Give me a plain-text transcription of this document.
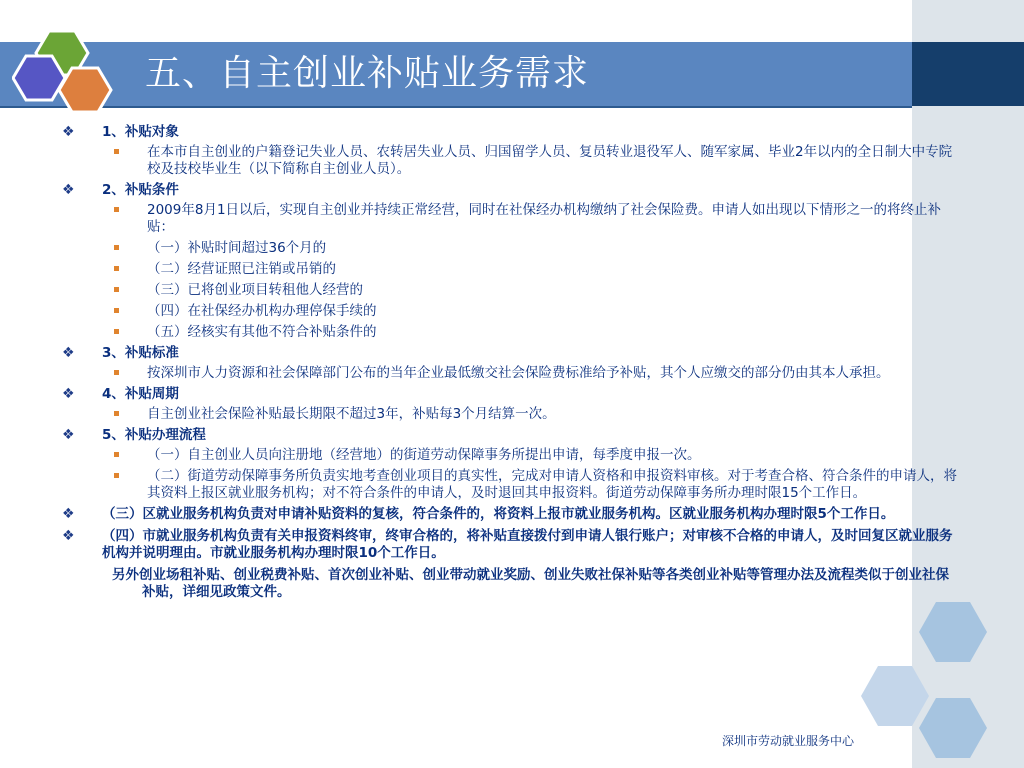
五、自主创业补贴业务需求
❖ 1、补贴对象
在本市自主创业的户籍登记失业人员、农转居失业人员、归国留学人员、复员转业退役军人、随军家属、毕业2年以内的全日制大中专院校及技校毕业生（以下简称自主创业人员）。
❖ 2、补贴条件
2009年8月1日以后，实现自主创业并持续正常经营，同时在社保经办机构缴纳了社会保险费。申请人如出现以下情形之一的将终止补贴：
（一）补贴时间超过36个月的
（二）经营证照已注销或吊销的
（三）已将创业项目转租他人经营的
（四）在社保经办机构办理停保手续的
（五）经核实有其他不符合补贴条件的
❖ 3、补贴标准
按深圳市人力资源和社会保障部门公布的当年企业最低缴交社会保险费标准给予补贴，其个人应缴交的部分仍由其本人承担。
❖ 4、补贴周期
自主创业社会保险补贴最长期限不超过3年，补贴每3个月结算一次。
❖ 5、补贴办理流程
（一）自主创业人员向注册地（经营地）的街道劳动保障事务所提出申请，每季度申报一次。
（二）街道劳动保障事务所负责实地考查创业项目的真实性，完成对申请人资格和申报资料审核。对于考查合格、符合条件的申请人，将其资料上报区就业服务机构；对不符合条件的申请人，及时退回其申报资料。街道劳动保障事务所办理时限15个工作日。
❖ （三）区就业服务机构负责对申请补贴资料的复核，符合条件的，将资料上报市就业服务机构。区就业服务机构办理时限5个工作日。
❖ （四）市就业服务机构负责有关申报资料终审，终审合格的，将补贴直接拨付到申请人银行账户；对审核不合格的申请人，及时回复区就业服务机构并说明理由。市就业服务机构办理时限10个工作日。
另外创业场租补贴、创业税费补贴、首次创业补贴、创业带动就业奖励、创业失败社保补贴等各类创业补贴等管理办法及流程类似于创业社保补贴，详细见政策文件。
深圳市劳动就业服务中心
